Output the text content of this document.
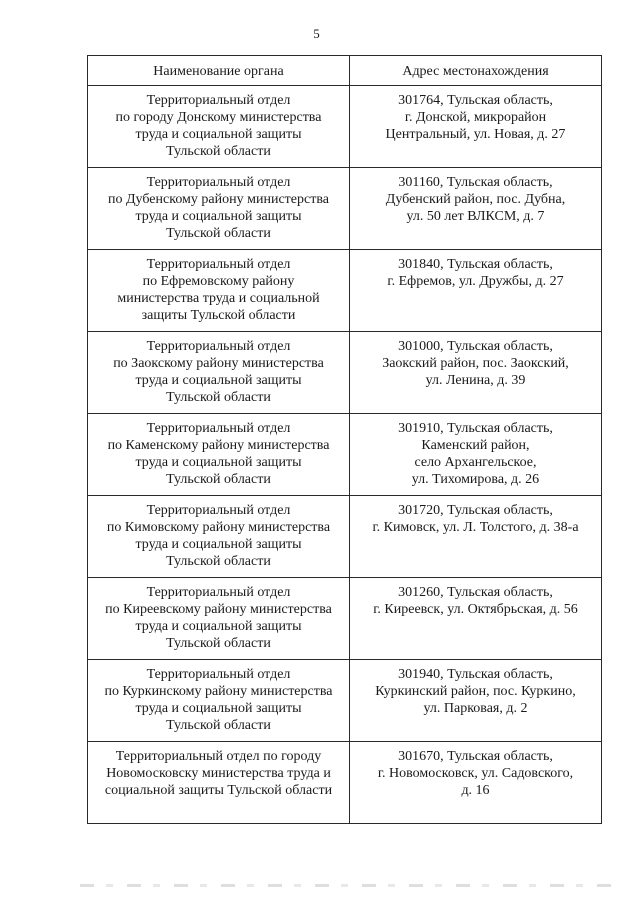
5
Наименование органа	Адрес местонахождения
Территориальный отдел
по городу Донскому министерства
труда и социальной защиты
Тульской области	301764, Тульская область,
г. Донской, микрорайон
Центральный, ул. Новая, д. 27
Территориальный отдел
по Дубенскому району министерства
труда и социальной защиты
Тульской области	301160, Тульская область,
Дубенский район, пос. Дубна,
ул. 50 лет ВЛКСМ, д. 7
Территориальный отдел
по Ефремовскому району
министерства труда и социальной
защиты Тульской области	301840, Тульская область,
г. Ефремов, ул. Дружбы, д. 27
Территориальный отдел
по Заокскому району министерства
труда и социальной защиты
Тульской области	301000, Тульская область,
Заокский район, пос. Заокский,
ул. Ленина, д. 39
Территориальный отдел
по Каменскому району министерства
труда и социальной защиты
Тульской области	301910, Тульская область,
Каменский район,
село Архангельское,
ул. Тихомирова, д. 26
Территориальный отдел
по Кимовскому району министерства
труда и социальной защиты
Тульской области	301720, Тульская область,
г. Кимовск, ул. Л. Толстого, д. 38-а
Территориальный отдел
по Киреевскому району министерства
труда и социальной защиты
Тульской области	301260, Тульская область,
г. Киреевск, ул. Октябрьская, д. 56
Территориальный отдел
по Куркинскому району министерства
труда и социальной защиты
Тульской области	301940, Тульская область,
Куркинский район, пос. Куркино,
ул. Парковая, д. 2
Территориальный отдел по городу
Новомосковску министерства труда и
социальной защиты Тульской области	301670, Тульская область,
г. Новомосковск, ул. Садовского,
д. 16
